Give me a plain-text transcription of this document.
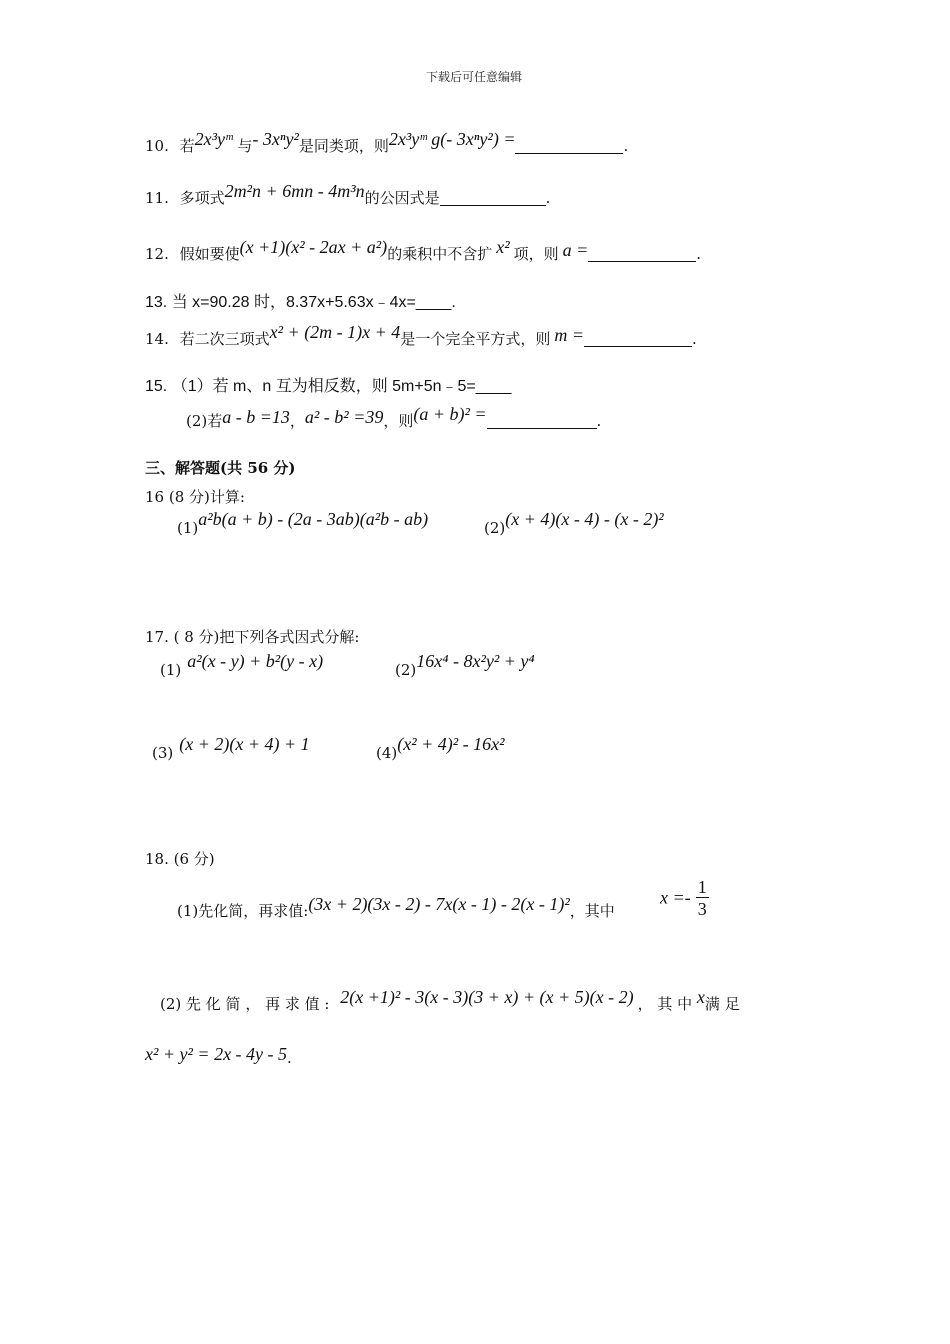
下载后可任意编辑
10. 若2x³yᵐ 与- 3xⁿy²是同类项，则2x³yᵐ g(- 3xⁿy²) =	.
11. 多项式2m²n + 6mn - 4m³n的公因式是	.
12. 假如要使(x +1)(x² - 2ax + a²)的乘积中不含扩 x² 项，则 a =	.
13. 当 x=90.28 时，8.37x+5.63x﹣4x=____.
14. 若二次三项式x² + (2m - 1)x + 4是一个完全平方式，则 m =	.
15. （1）若 m、n 互为相反数，则 5m+5n﹣5=____
(2)若a - b =13，a² - b² =39，则(a + b)² =	.
三、解答题(共 56 分)
16 (8 分)计算:
(1)a²b(a + b) - (2a - 3ab)(a²b - ab)	(2)(x + 4)(x - 4) - (x - 2)²
17. ( 8 分)把下列各式因式分解:
(1) a²(x - y) + b²(y - x)	(2)16x⁴ - 8x²y² + y⁴
(3) (x + 2)(x + 4) + 1	(4)(x² + 4)² - 16x²
18. (6 分)
(1)先化简，再求值:(3x + 2)(3x - 2) - 7x(x - 1) - 2(x - 1)²，其中
$x =- \frac{1}{3}$
(2) 先 化 简 ， 再 求 值 : 2(x +1)² - 3(x - 3)(3 + x) + (x + 5)(x - 2) ， 其 中 x满 足
x² + y² = 2x - 4y - 5.
